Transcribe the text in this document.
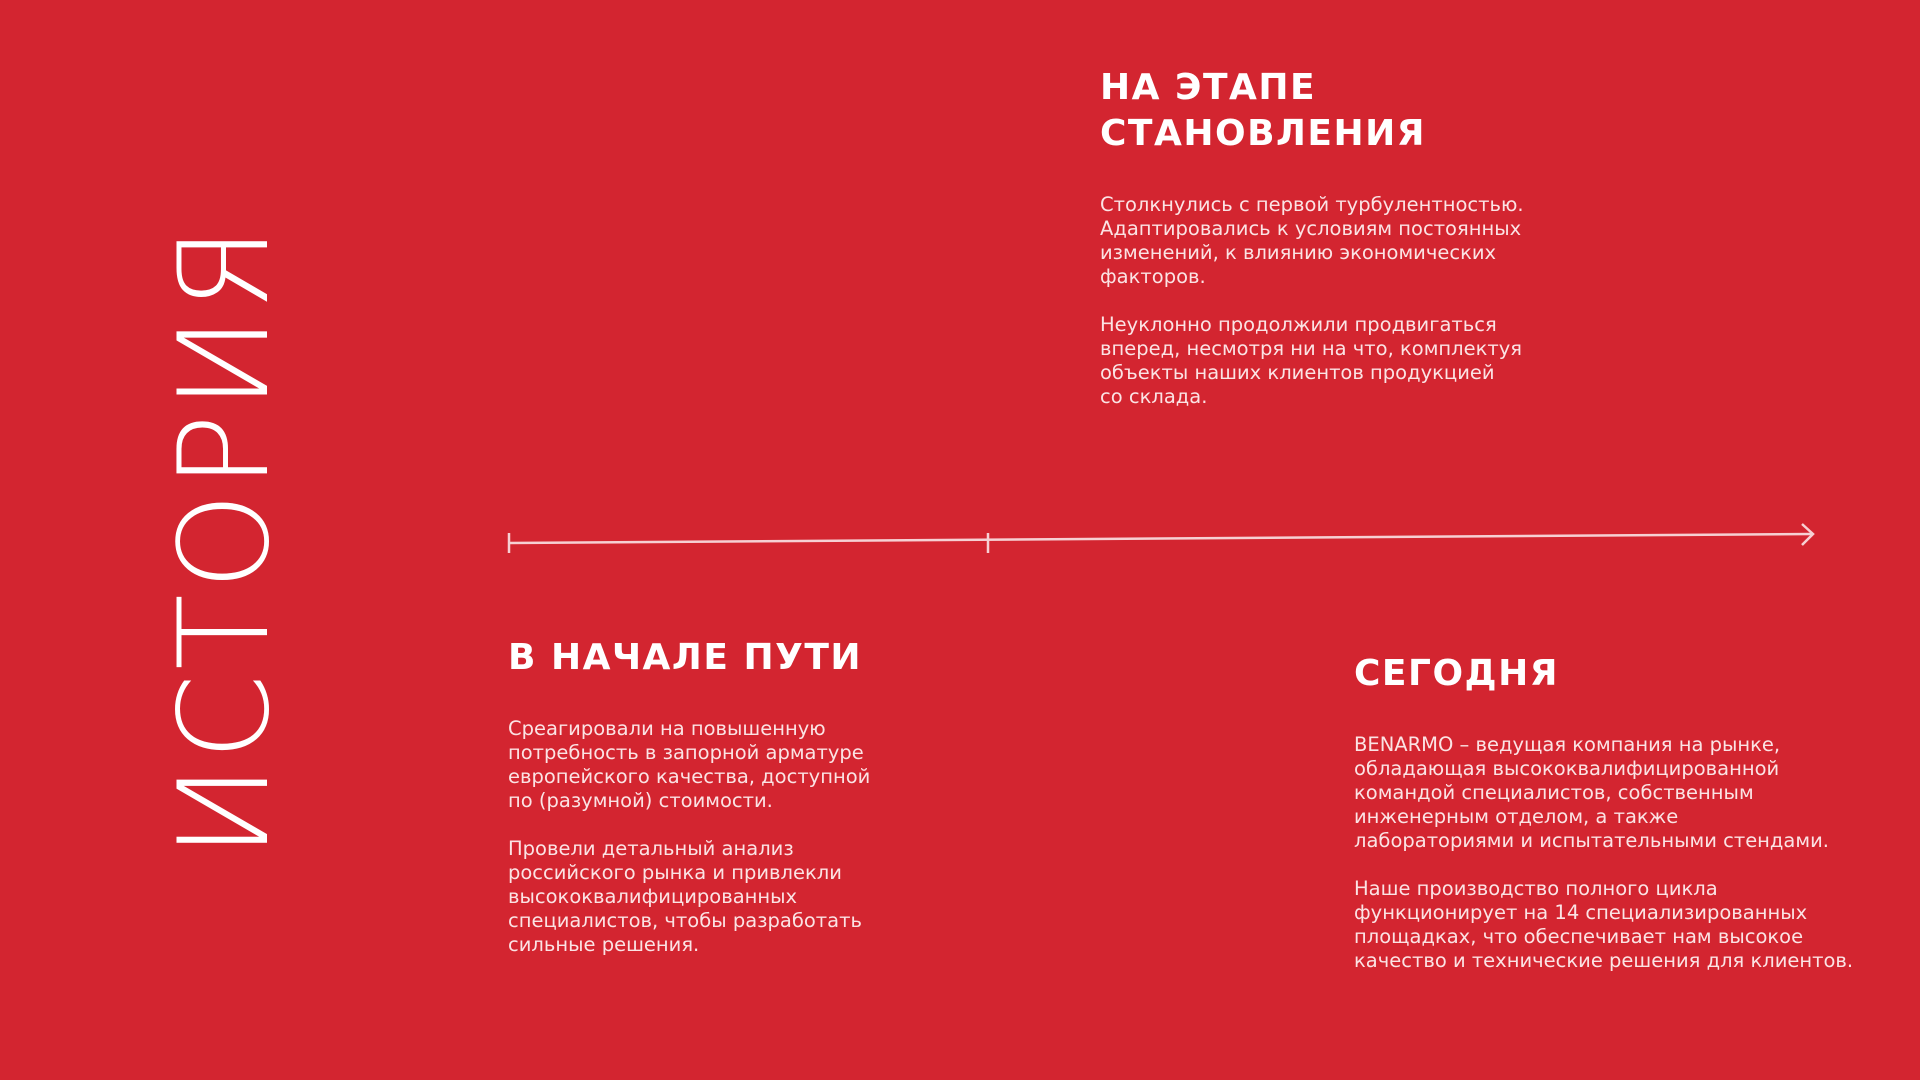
ИСТОРИЯ
НА ЭТАПЕ
СТАНОВЛЕНИЯ

Столкнулись с первой турбулентностью.
Адаптировались к условиям постоянных
изменений, к влиянию экономических
факторов.

Неуклонно продолжили продвигаться
вперед, несмотря ни на что, комплектуя
объекты наших клиентов продукцией
со склада.

В НАЧАЛЕ ПУТИ

Среагировали на повышенную
потребность в запорной арматуре
европейского качества, доступной
по (разумной) стоимости.

Провели детальный анализ
российского рынка и привлекли
высококвалифицированных
специалистов, чтобы разработать
сильные решения.

СЕГОДНЯ

BENARMO – ведущая компания на рынке,
обладающая высококвалифицированной
командой специалистов, собственным
инженерным отделом, а также
лабораториями и испытательными стендами.

Наше производство полного цикла
функционирует на 14 специализированных
площадках, что обеспечивает нам высокое
качество и технические решения для клиентов.
